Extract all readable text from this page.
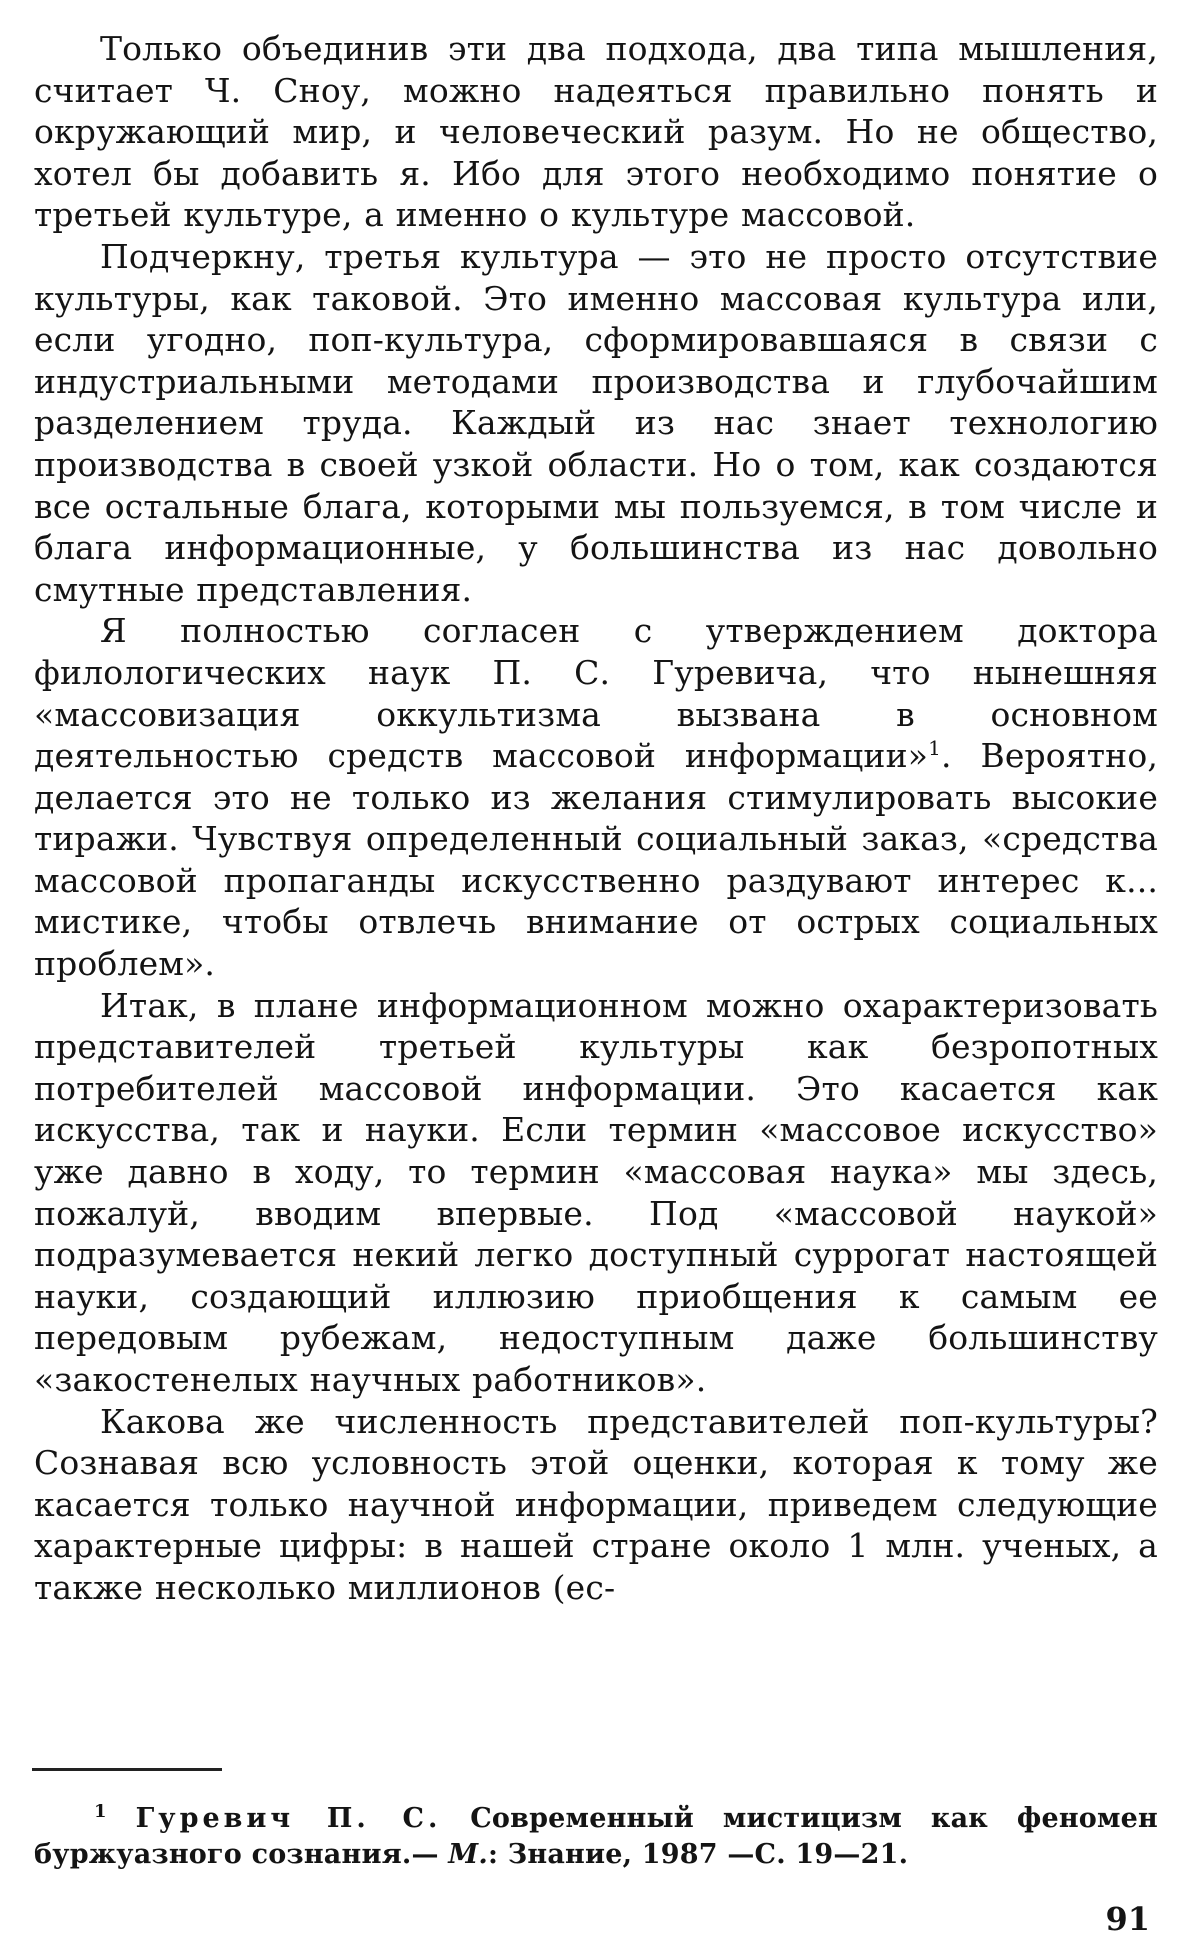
Только объединив эти два подхода, два типа мышления, считает Ч. Сноу, можно надеяться правильно понять и окружающий мир, и человеческий разум. Но не общество, хотел бы добавить я. Ибо для этого необходимо понятие о третьей культуре, а именно о культуре массовой.

Подчеркну, третья культура — это не просто отсутствие культуры, как таковой. Это именно массовая культура или, если угодно, поп-культура, сформировавшаяся в связи с индустриальными методами производства и глубочайшим разделением труда. Каждый из нас знает технологию производства в своей узкой области. Но о том, как создаются все остальные блага, которыми мы пользуемся, в том числе и блага информационные, у большинства из нас довольно смутные представления.

Я полностью согласен с утверждением доктора филологических наук П. С. Гуревича, что нынешняя «массовизация оккультизма вызвана в основном деятельностью средств массовой информации»$^1$. Вероятно, делается это не только из желания стимулировать высокие тиражи. Чувствуя определенный социальный заказ, «средства массовой пропаганды искусственно раздувают интерес к... мистике, чтобы отвлечь внимание от острых социальных проблем».

Итак, в плане информационном можно охарактеризовать представителей третьей культуры как безропотных потребителей массовой информации. Это касается как искусства, так и науки. Если термин «массовое искусство» уже давно в ходу, то термин «массовая наука» мы здесь, пожалуй, вводим впервые. Под «массовой наукой» подразумевается некий легко доступный суррогат настоящей науки, создающий иллюзию приобщения к самым ее передовым рубежам, недоступным даже большинству «закостенелых научных работников».

Какова же численность представителей поп-культуры? Сознавая всю условность этой оценки, которая к тому же касается только научной информации, приведем следующие характерные цифры: в нашей стране около 1 млн. ученых, а также несколько миллионов (ес-

$^1$ Гуревич П. С. Современный мистицизм как феномен буржуазного сознания.— М.: Знание, 1987 —С. 19—21.

91
